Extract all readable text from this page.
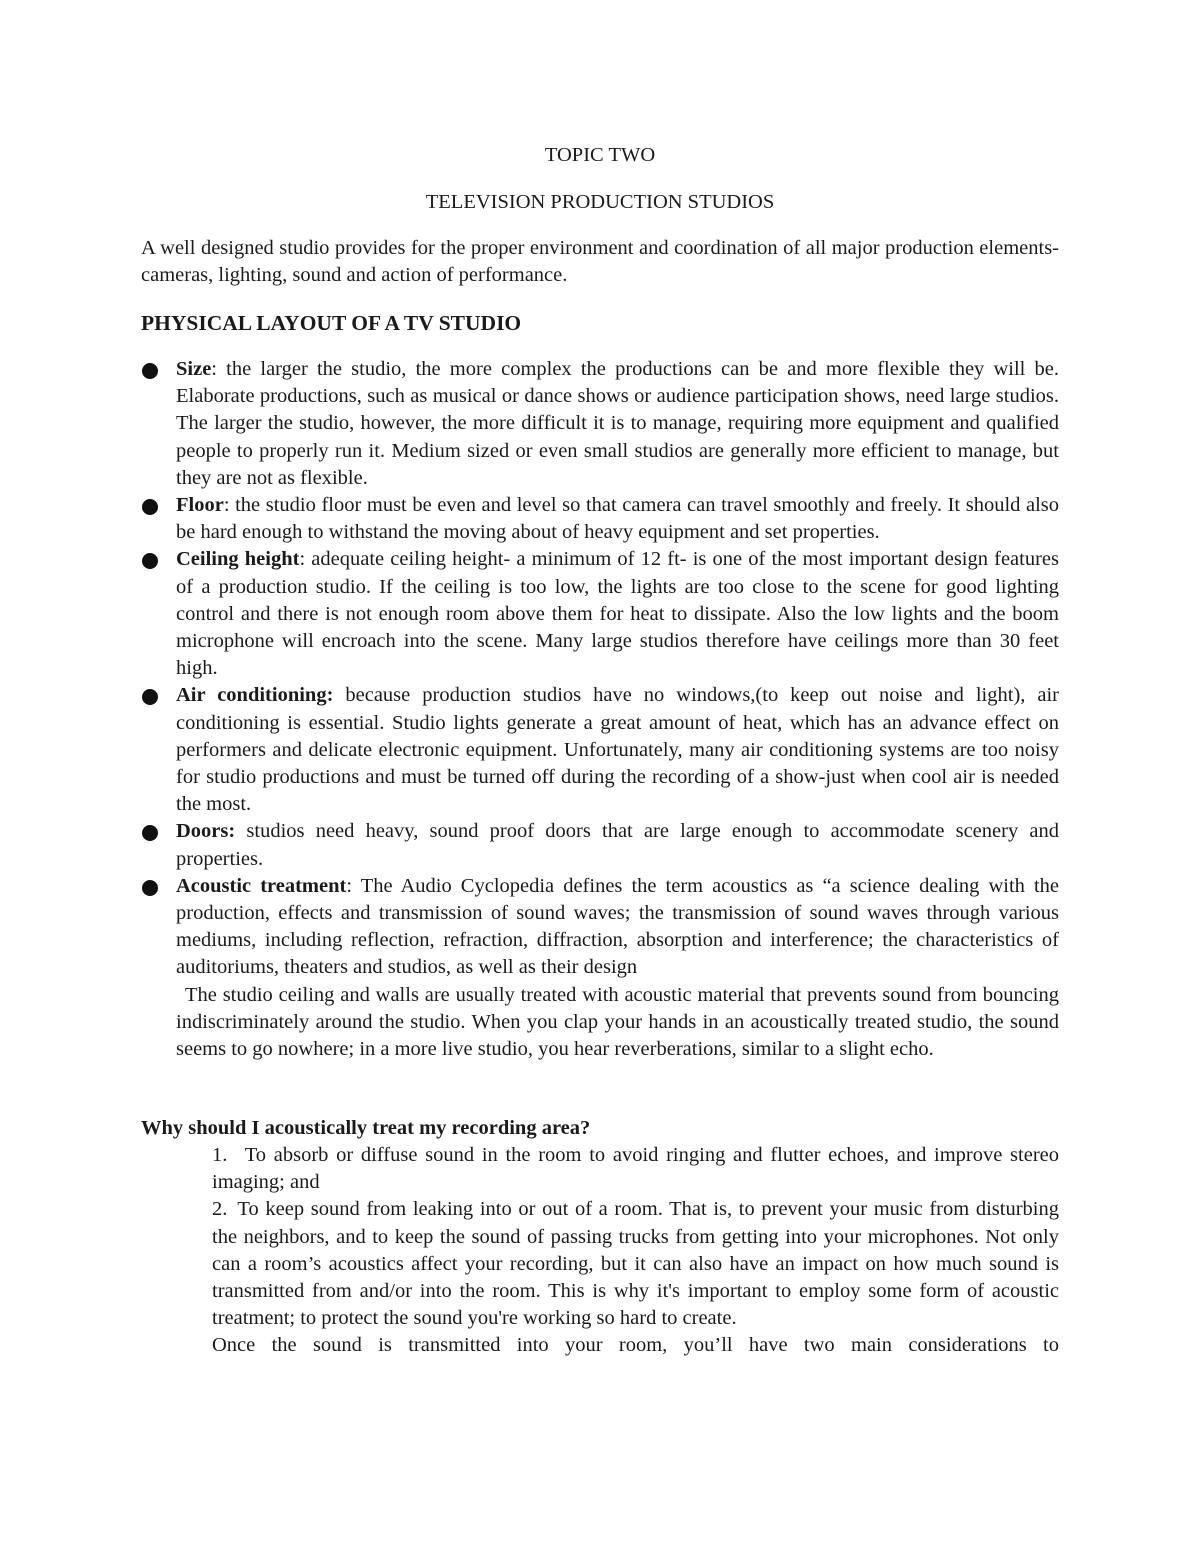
TOPIC TWO
TELEVISION PRODUCTION STUDIOS

A well designed studio provides for the proper environment and coordination of all major production elements-cameras, lighting, sound and action of performance.

PHYSICAL LAYOUT OF A TV STUDIO
Size: the larger the studio, the more complex the productions can be and more flexible they will be. Elaborate productions, such as musical or dance shows or audience participation shows, need large studios. The larger the studio, however, the more difficult it is to manage, requiring more equipment and qualified people to properly run it. Medium sized or even small studios are generally more efficient to manage, but they are not as flexible.
Floor: the studio floor must be even and level so that camera can travel smoothly and freely. It should also be hard enough to withstand the moving about of heavy equipment and set properties.
Ceiling height: adequate ceiling height- a minimum of 12 ft- is one of the most important design features of a production studio. If the ceiling is too low, the lights are too close to the scene for good lighting control and there is not enough room above them for heat to dissipate. Also the low lights and the boom microphone will encroach into the scene. Many large studios therefore have ceilings more than 30 feet high.
Air conditioning: because production studios have no windows,(to keep out noise and light), air conditioning is essential. Studio lights generate a great amount of heat, which has an advance effect on performers and delicate electronic equipment. Unfortunately, many air conditioning systems are too noisy for studio productions and must be turned off during the recording of a show-just when cool air is needed the most.
Doors: studios need heavy, sound proof doors that are large enough to accommodate scenery and properties.
Acoustic treatment: The Audio Cyclopedia defines the term acoustics as “a science dealing with the production, effects and transmission of sound waves; the transmission of sound waves through various mediums, including reflection, refraction, diffraction, absorption and interference; the characteristics of auditoriums, theaters and studios, as well as their design
The studio ceiling and walls are usually treated with acoustic material that prevents sound from bouncing indiscriminately around the studio. When you clap your hands in an acoustically treated studio, the sound seems to go nowhere; in a more live studio, you hear reverberations, similar to a slight echo.
Why should I acoustically treat my recording area?
1. To absorb or diffuse sound in the room to avoid ringing and flutter echoes, and improve stereo imaging; and
2. To keep sound from leaking into or out of a room. That is, to prevent your music from disturbing the neighbors, and to keep the sound of passing trucks from getting into your microphones. Not only can a room’s acoustics affect your recording, but it can also have an impact on how much sound is transmitted from and/or into the room. This is why it's important to employ some form of acoustic treatment; to protect the sound you're working so hard to create.
Once the sound is transmitted into your room, you’ll have two main considerations to
